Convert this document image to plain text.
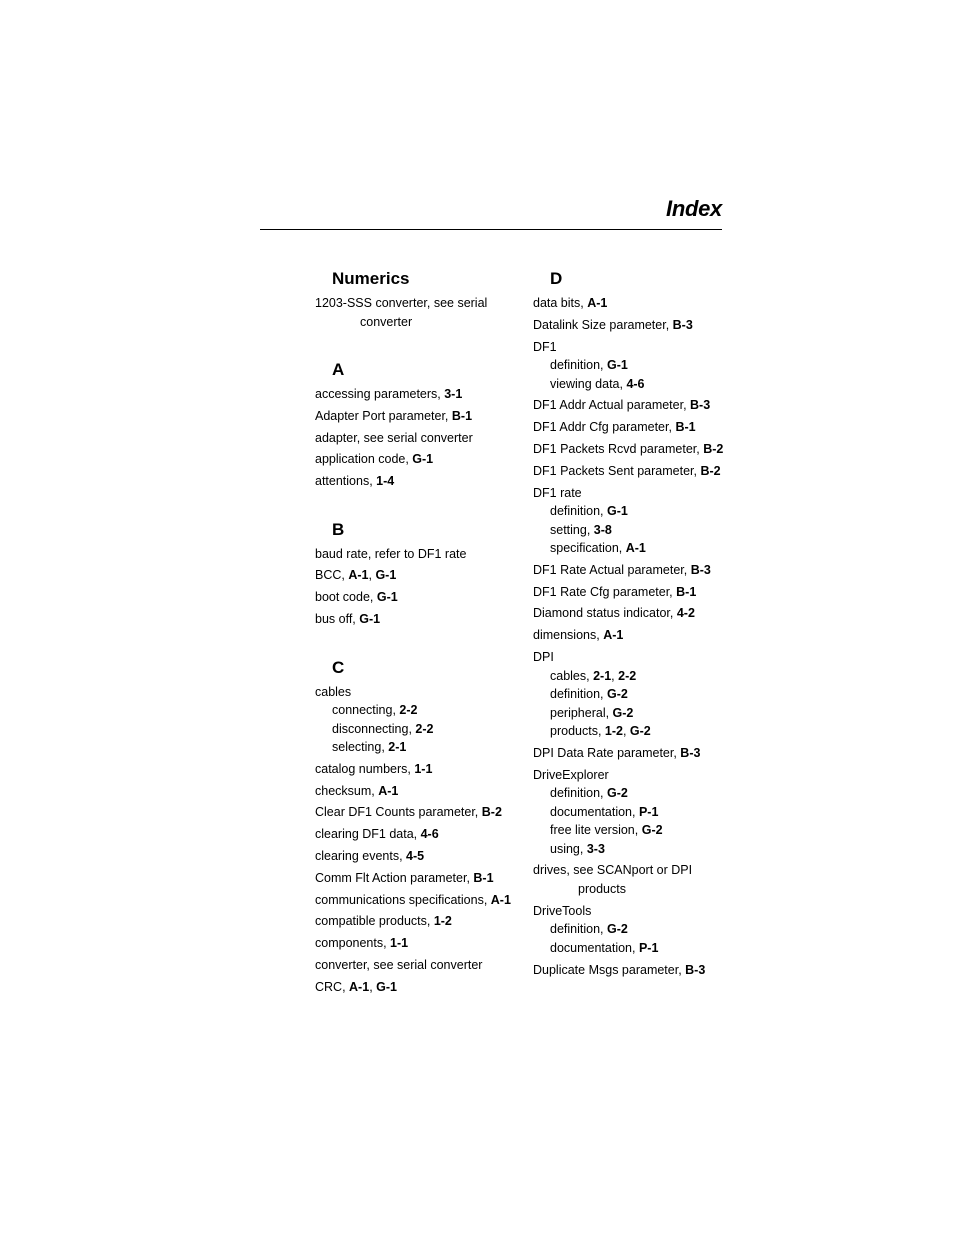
Index
Numerics
1203-SSS converter, see serial
converter
A
accessing parameters, 3-1
Adapter Port parameter, B-1
adapter, see serial converter
application code, G-1
attentions, 1-4
B
baud rate, refer to DF1 rate
BCC, A-1, G-1
boot code, G-1
bus off, G-1
C
cables
connecting, 2-2
disconnecting, 2-2
selecting, 2-1
catalog numbers, 1-1
checksum, A-1
Clear DF1 Counts parameter, B-2
clearing DF1 data, 4-6
clearing events, 4-5
Comm Flt Action parameter, B-1
communications specifications, A-1
compatible products, 1-2
components, 1-1
converter, see serial converter
CRC, A-1, G-1
D
data bits, A-1
Datalink Size parameter, B-3
DF1
definition, G-1
viewing data, 4-6
DF1 Addr Actual parameter, B-3
DF1 Addr Cfg parameter, B-1
DF1 Packets Rcvd parameter, B-2
DF1 Packets Sent parameter, B-2
DF1 rate
definition, G-1
setting, 3-8
specification, A-1
DF1 Rate Actual parameter, B-3
DF1 Rate Cfg parameter, B-1
Diamond status indicator, 4-2
dimensions, A-1
DPI
cables, 2-1, 2-2
definition, G-2
peripheral, G-2
products, 1-2, G-2
DPI Data Rate parameter, B-3
DriveExplorer
definition, G-2
documentation, P-1
free lite version, G-2
using, 3-3
drives, see SCANport or DPI
products
DriveTools
definition, G-2
documentation, P-1
Duplicate Msgs parameter, B-3
